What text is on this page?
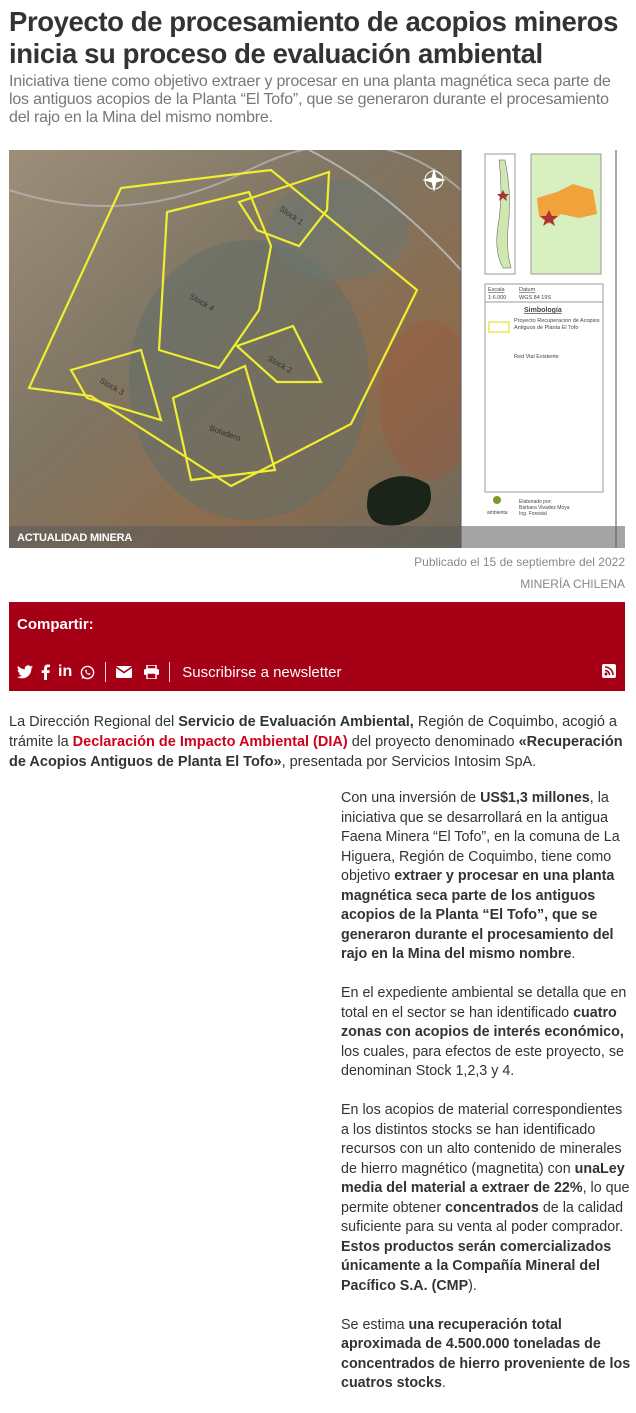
Proyecto de procesamiento de acopios mineros inicia su proceso de evaluación ambiental

Iniciativa tiene como objetivo extraer y procesar en una planta magnética seca parte de los antiguos acopios de la Planta “El Tofo”, que se generaron durante el procesamiento del rajo en la Mina del mismo nombre.

Stock 1
Stock 2
Stock 3
Stock 4
Botadero
Escala
1:6.000
Datum
WGS 84 19S
Simbología
Proyecto Recuperacion de Acopios Antiguos de Planta El Tofo
Red Vial Existente
ambienta
Elaborado por:
Bárbara Vivadez Moya
Ing. Forestal
ACTUALIDAD MINERA
Publicado el 15 de septiembre del 2022
MINERÍA CHILENA
Compartir:
in	Suscribirse a newsletter

La Dirección Regional del Servicio de Evaluación Ambiental, Región de Coquimbo, acogió a trámite la Declaración de Impacto Ambiental (DIA) del proyecto denominado «Recuperación de Acopios Antiguos de Planta El Tofo», presentada por Servicios Intosim SpA.

Con una inversión de US$1,3 millones, la iniciativa que se desarrollará en la antigua Faena Minera “El Tofo”, en la comuna de La Higuera, Región de Coquimbo, tiene como objetivo extraer y procesar en una planta magnética seca parte de los antiguos acopios de la Planta “El Tofo”, que se generaron durante el procesamiento del rajo en la Mina del mismo nombre.

En el expediente ambiental se detalla que en total en el sector se han identificado cuatro zonas con acopios de interés económico, los cuales, para efectos de este proyecto, se denominan Stock 1,2,3 y 4.

En los acopios de material correspondientes a los distintos stocks se han identificado recursos con un alto contenido de minerales de hierro magnético (magnetita) con unaLey media del material a extraer de 22%, lo que permite obtener concentrados de la calidad suficiente para su venta al poder comprador. Estos productos serán comercializados únicamente a la Compañía Mineral del Pacífico S.A. (CMP).

Se estima una recuperación total aproximada de 4.500.000 toneladas de concentrados de hierro proveniente de los cuatros stocks.
